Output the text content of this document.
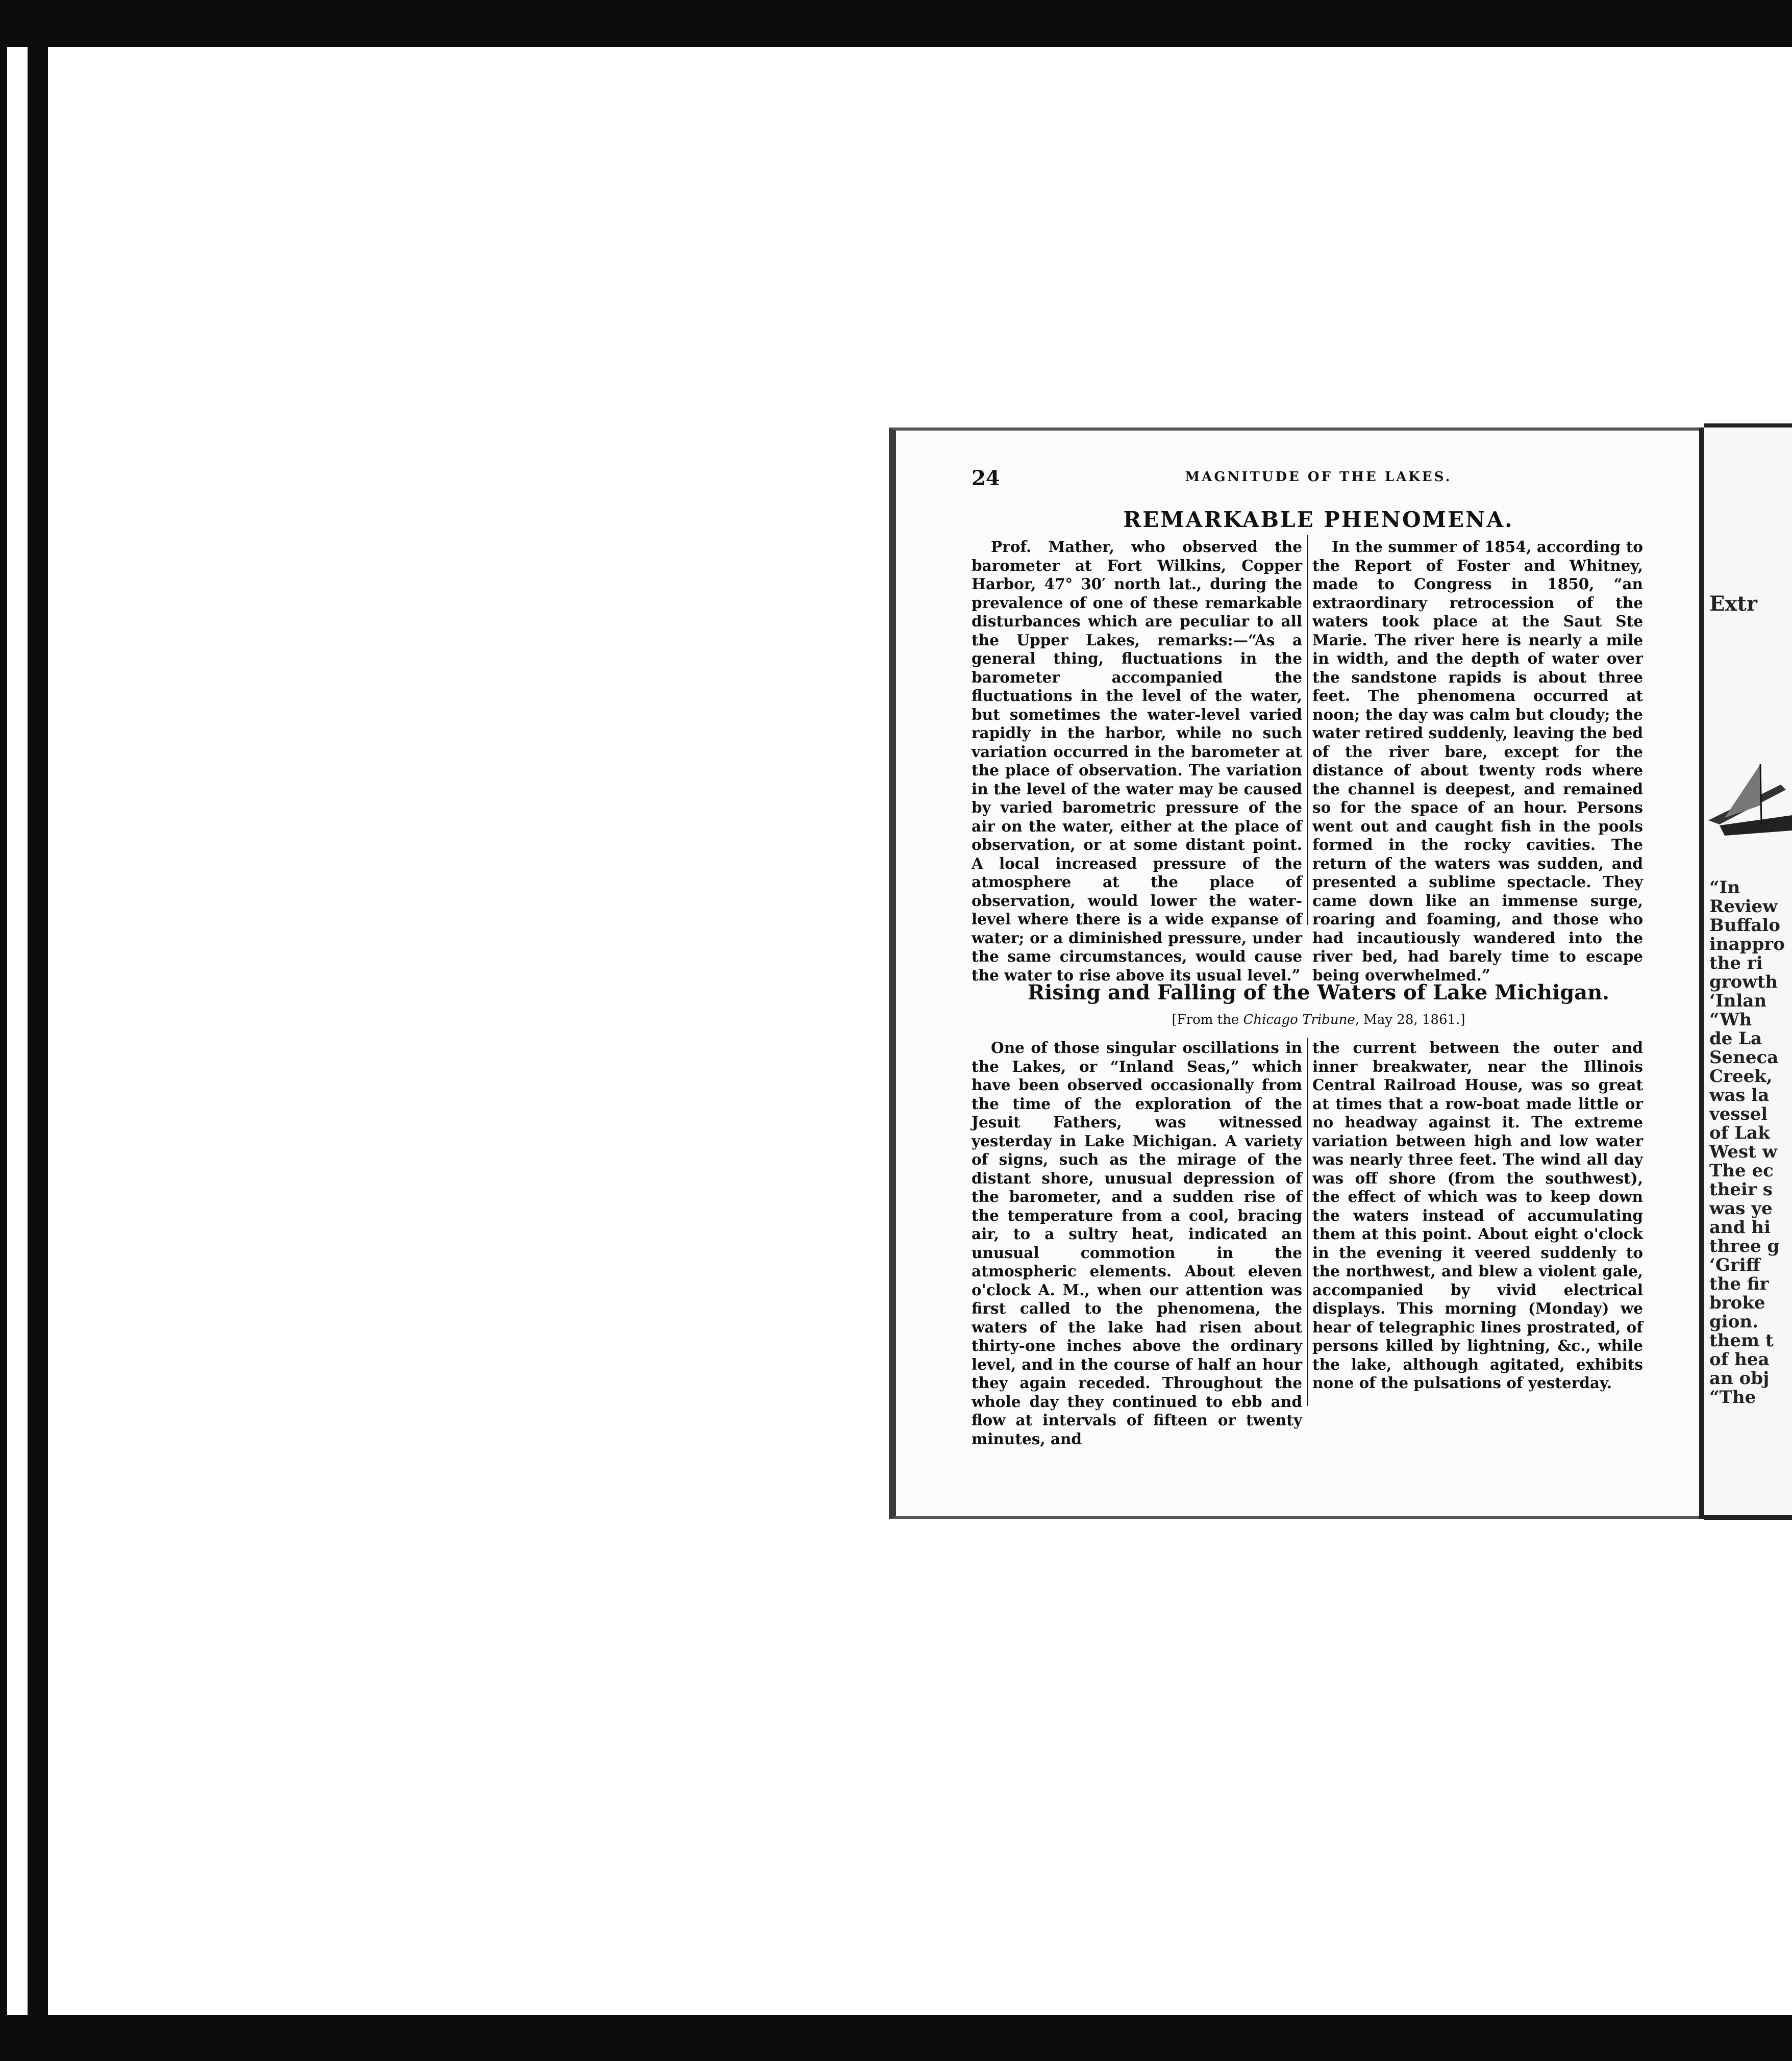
24	MAGNITUDE OF THE LAKES.
REMARKABLE PHENOMENA.

Prof. Mather, who observed the barometer at Fort Wilkins, Copper Harbor, 47° 30′ north lat., during the prevalence of one of these remarkable disturbances which are peculiar to all the Upper Lakes, remarks:—“As a general thing, fluctuations in the barometer accompanied the fluctuations in the level of the water, but sometimes the water-level varied rapidly in the harbor, while no such variation occurred in the barometer at the place of observation. The variation in the level of the water may be caused by varied barometric pressure of the air on the water, either at the place of observation, or at some distant point. A local increased pressure of the atmosphere at the place of observation, would lower the water-level where there is a wide expanse of water; or a diminished pressure, under the same circumstances, would cause the water to rise above its usual level.”

In the summer of 1854, according to the Report of Foster and Whitney, made to Congress in 1850, “an extraordinary retrocession of the waters took place at the Saut Ste Marie. The river here is nearly a mile in width, and the depth of water over the sandstone rapids is about three feet. The phenomena occurred at noon; the day was calm but cloudy; the water retired suddenly, leaving the bed of the river bare, except for the distance of about twenty rods where the channel is deepest, and remained so for the space of an hour. Persons went out and caught fish in the pools formed in the rocky cavities. The return of the waters was sudden, and presented a sublime spectacle. They came down like an immense surge, roaring and foaming, and those who had incautiously wandered into the river bed, had barely time to escape being overwhelmed.”

Rising and Falling of the Waters of Lake Michigan.
[From the Chicago Tribune, May 28, 1861.]

One of those singular oscillations in the Lakes, or “Inland Seas,” which have been observed occasionally from the time of the exploration of the Jesuit Fathers, was witnessed yesterday in Lake Michigan. A variety of signs, such as the mirage of the distant shore, unusual depression of the barometer, and a sudden rise of the temperature from a cool, bracing air, to a sultry heat, indicated an unusual commotion in the atmospheric elements. About eleven o'clock A. M., when our attention was first called to the phenomena, the waters of the lake had risen about thirty-one inches above the ordinary level, and in the course of half an hour they again receded. Throughout the whole day they continued to ebb and flow at intervals of fifteen or twenty minutes, and

the current between the outer and inner breakwater, near the Illinois Central Railroad House, was so great at times that a row-boat made little or no headway against it. The extreme variation between high and low water was nearly three feet. The wind all day was off shore (from the southwest), the effect of which was to keep down the waters instead of accumulating them at this point. About eight o'clock in the evening it veered suddenly to the northwest, and blew a violent gale, accompanied by vivid electrical displays. This morning (Monday) we hear of telegraphic lines prostrated, of persons killed by lightning, &c., while the lake, although agitated, exhibits none of the pulsations of yesterday.

Extr
“In
Review
Buffalo
inappro
the ri
growth
‘Inlan
“Wh
de La
Seneca
Creek,
was la
vessel
of Lak
West w
The ec
their s
was ye
and hi
three g
‘Griff
the fir
broke
gion.
them t
of hea
an obj
“The
